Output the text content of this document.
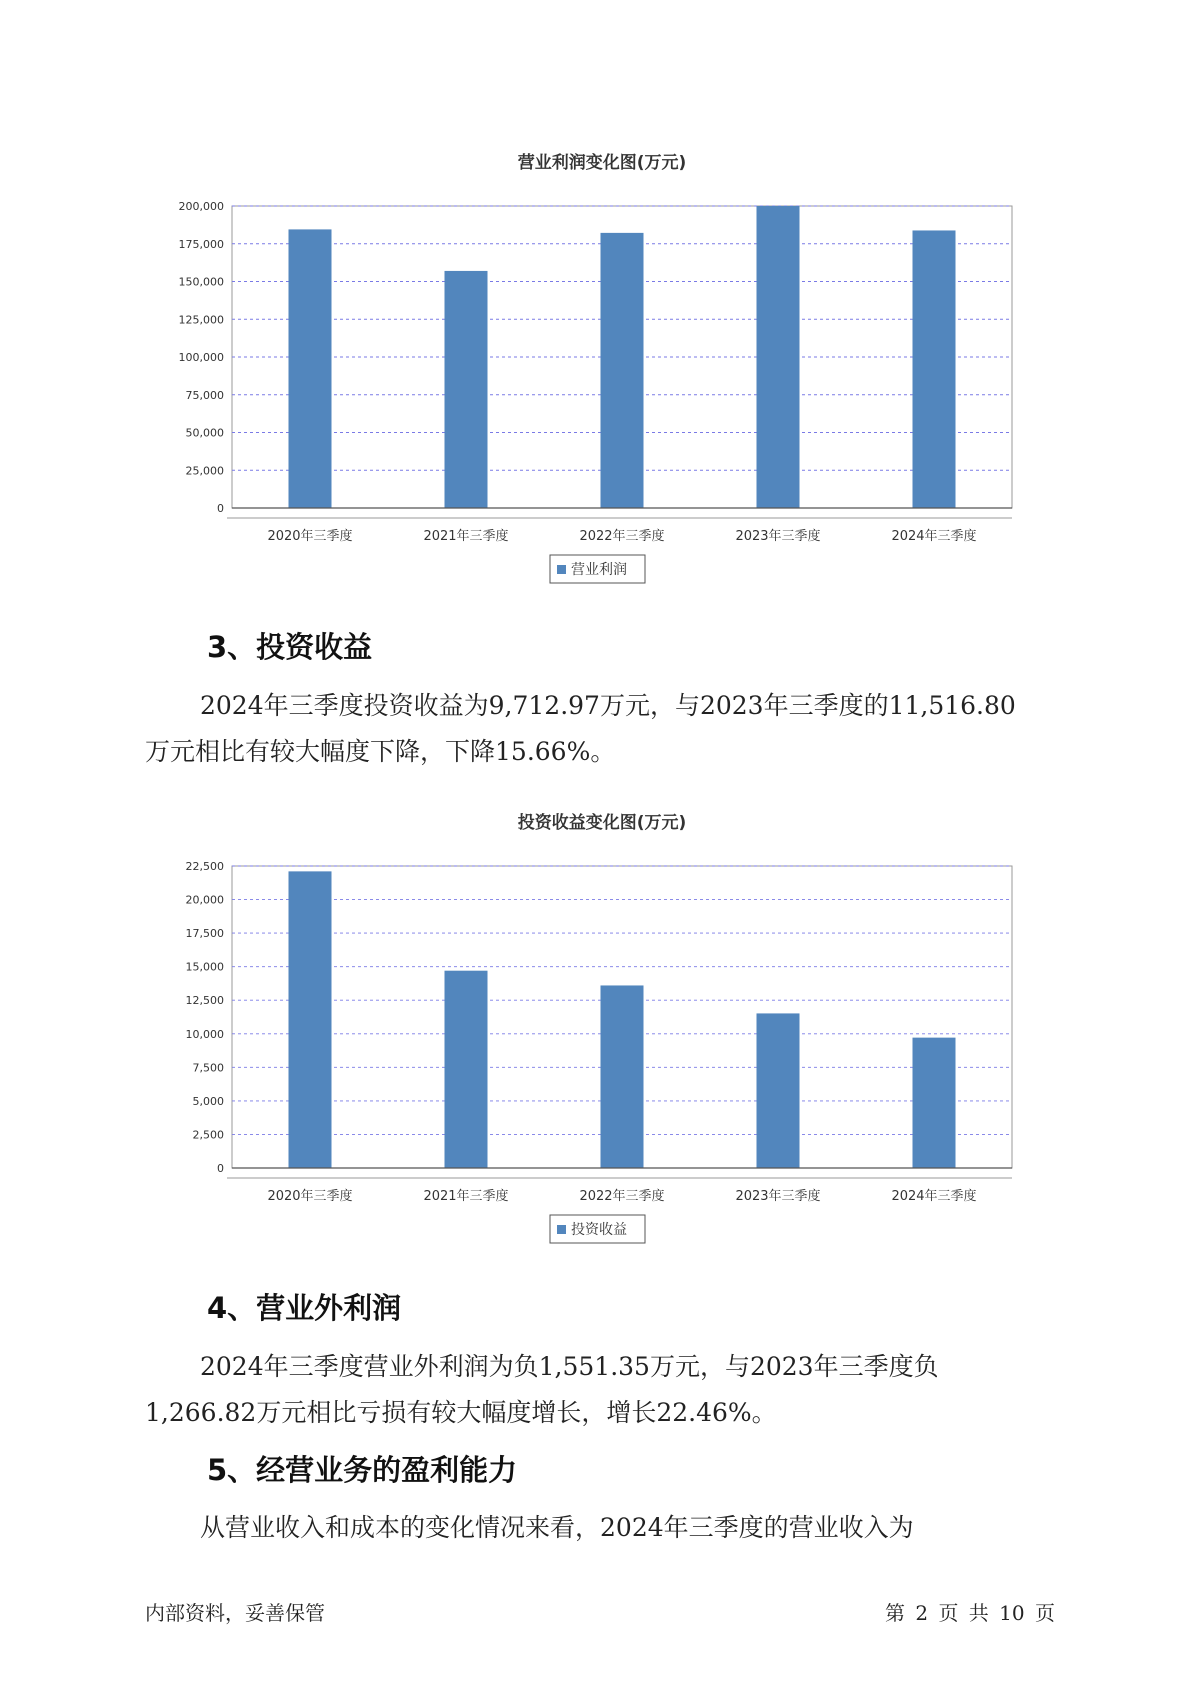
营业利润变化图(万元)
0
25,000
50,000
75,000
100,000
125,000
150,000
175,000
200,000
2020年三季度	2021年三季度	2022年三季度	2023年三季度	2024年三季度
营业利润
3、投资收益

2024年三季度投资收益为9,712.97万元，与2023年三季度的11,516.80
万元相比有较大幅度下降，下降15.66%。

投资收益变化图(万元)
0
2,500
5,000
7,500
10,000
12,500
15,000
17,500
20,000
22,500
2020年三季度	2021年三季度	2022年三季度	2023年三季度	2024年三季度
投资收益
4、营业外利润

2024年三季度营业外利润为负1,551.35万元，与2023年三季度负
1,266.82万元相比亏损有较大幅度增长，增长22.46%。

5、经营业务的盈利能力

从营业收入和成本的变化情况来看，2024年三季度的营业收入为

内部资料，妥善保管	第 2 页 共 10 页
